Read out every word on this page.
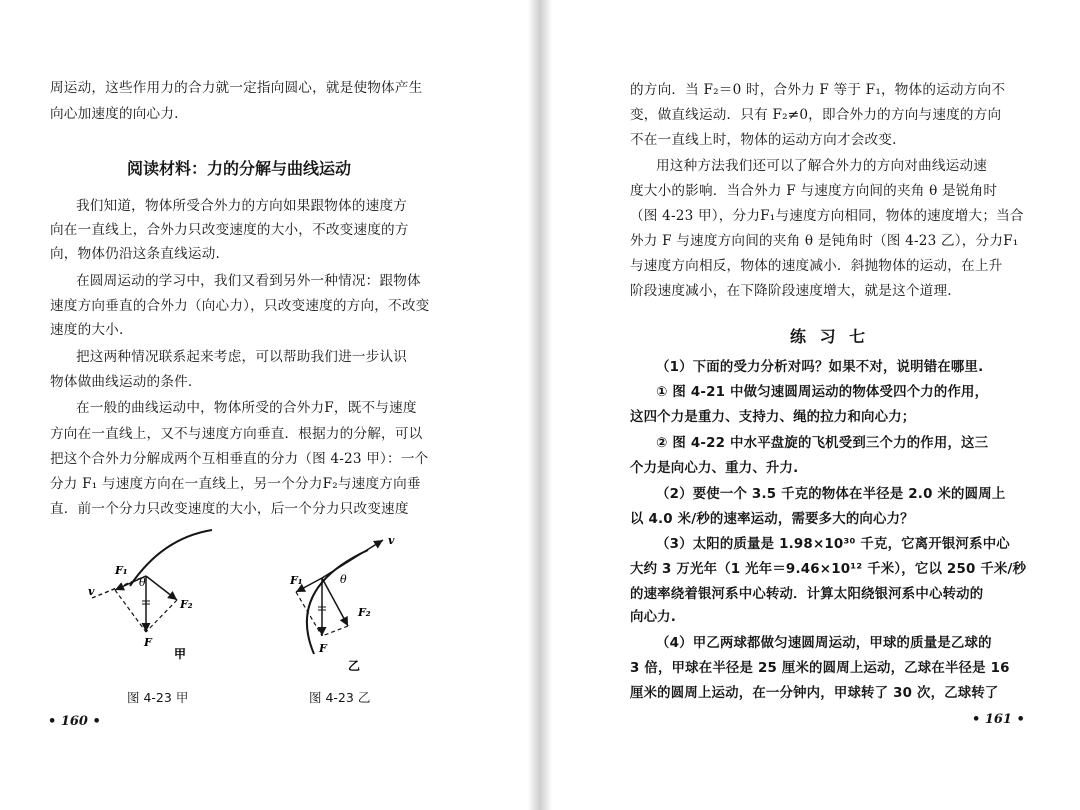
周运动，这些作用力的合力就一定指向圆心，就是使物体产生
向心加速度的向心力.
阅读材料：力的分解与曲线运动
我们知道，物体所受合外力的方向如果跟物体的速度方
向在一直线上，合外力只改变速度的大小，不改变速度的方
向，物体仍沿这条直线运动.
在圆周运动的学习中，我们又看到另外一种情况：跟物体
速度方向垂直的合外力（向心力），只改变速度的方向，不改变
速度的大小.
把这两种情况联系起来考虑，可以帮助我们进一步认识
物体做曲线运动的条件.
在一般的曲线运动中，物体所受的合外力F，既不与速度
方向在一直线上，又不与速度方向垂直．根据力的分解，可以
把这个合外力分解成两个互相垂直的分力（图 4-23 甲）：一个
分力 F₁ 与速度方向在一直线上，另一个分力F₂与速度方向垂
直．前一个分力只改变速度的大小，后一个分力只改变速度
v
F₁
θ
F₂
F
甲
图 4-23 甲
v
F₁	θ
F₂
F
乙
图 4-23 乙
• 160 •
的方向．当 F₂＝0 时，合外力 F 等于 F₁，物体的运动方向不
变，做直线运动．只有 F₂≠0，即合外力的方向与速度的方向
不在一直线上时，物体的运动方向才会改变.
用这种方法我们还可以了解合外力的方向对曲线运动速
度大小的影响．当合外力 F 与速度方向间的夹角 θ 是锐角时
（图 4-23 甲），分力F₁与速度方向相同，物体的速度增大；当合
外力 F 与速度方向间的夹角 θ 是钝角时（图 4-23 乙），分力F₁
与速度方向相反，物体的速度减小．斜抛物体的运动，在上升
阶段速度减小，在下降阶段速度增大，就是这个道理.
练 习 七
（1）下面的受力分析对吗？如果不对，说明错在哪里.
① 图 4-21 中做匀速圆周运动的物体受四个力的作用，
这四个力是重力、支持力、绳的拉力和向心力；
② 图 4-22 中水平盘旋的飞机受到三个力的作用，这三
个力是向心力、重力、升力.
（2）要使一个 3.5 千克的物体在半径是 2.0 米的圆周上
以 4.0 米/秒的速率运动，需要多大的向心力？
（3）太阳的质量是 1.98×10³⁰ 千克，它离开银河系中心
大约 3 万光年（1 光年＝9.46×10¹² 千米），它以 250 千米/秒
的速率绕着银河系中心转动．计算太阳绕银河系中心转动的
向心力.
（4）甲乙两球都做匀速圆周运动，甲球的质量是乙球的
3 倍，甲球在半径是 25 厘米的圆周上运动，乙球在半径是 16
厘米的圆周上运动，在一分钟内，甲球转了 30 次，乙球转了
• 161 •
